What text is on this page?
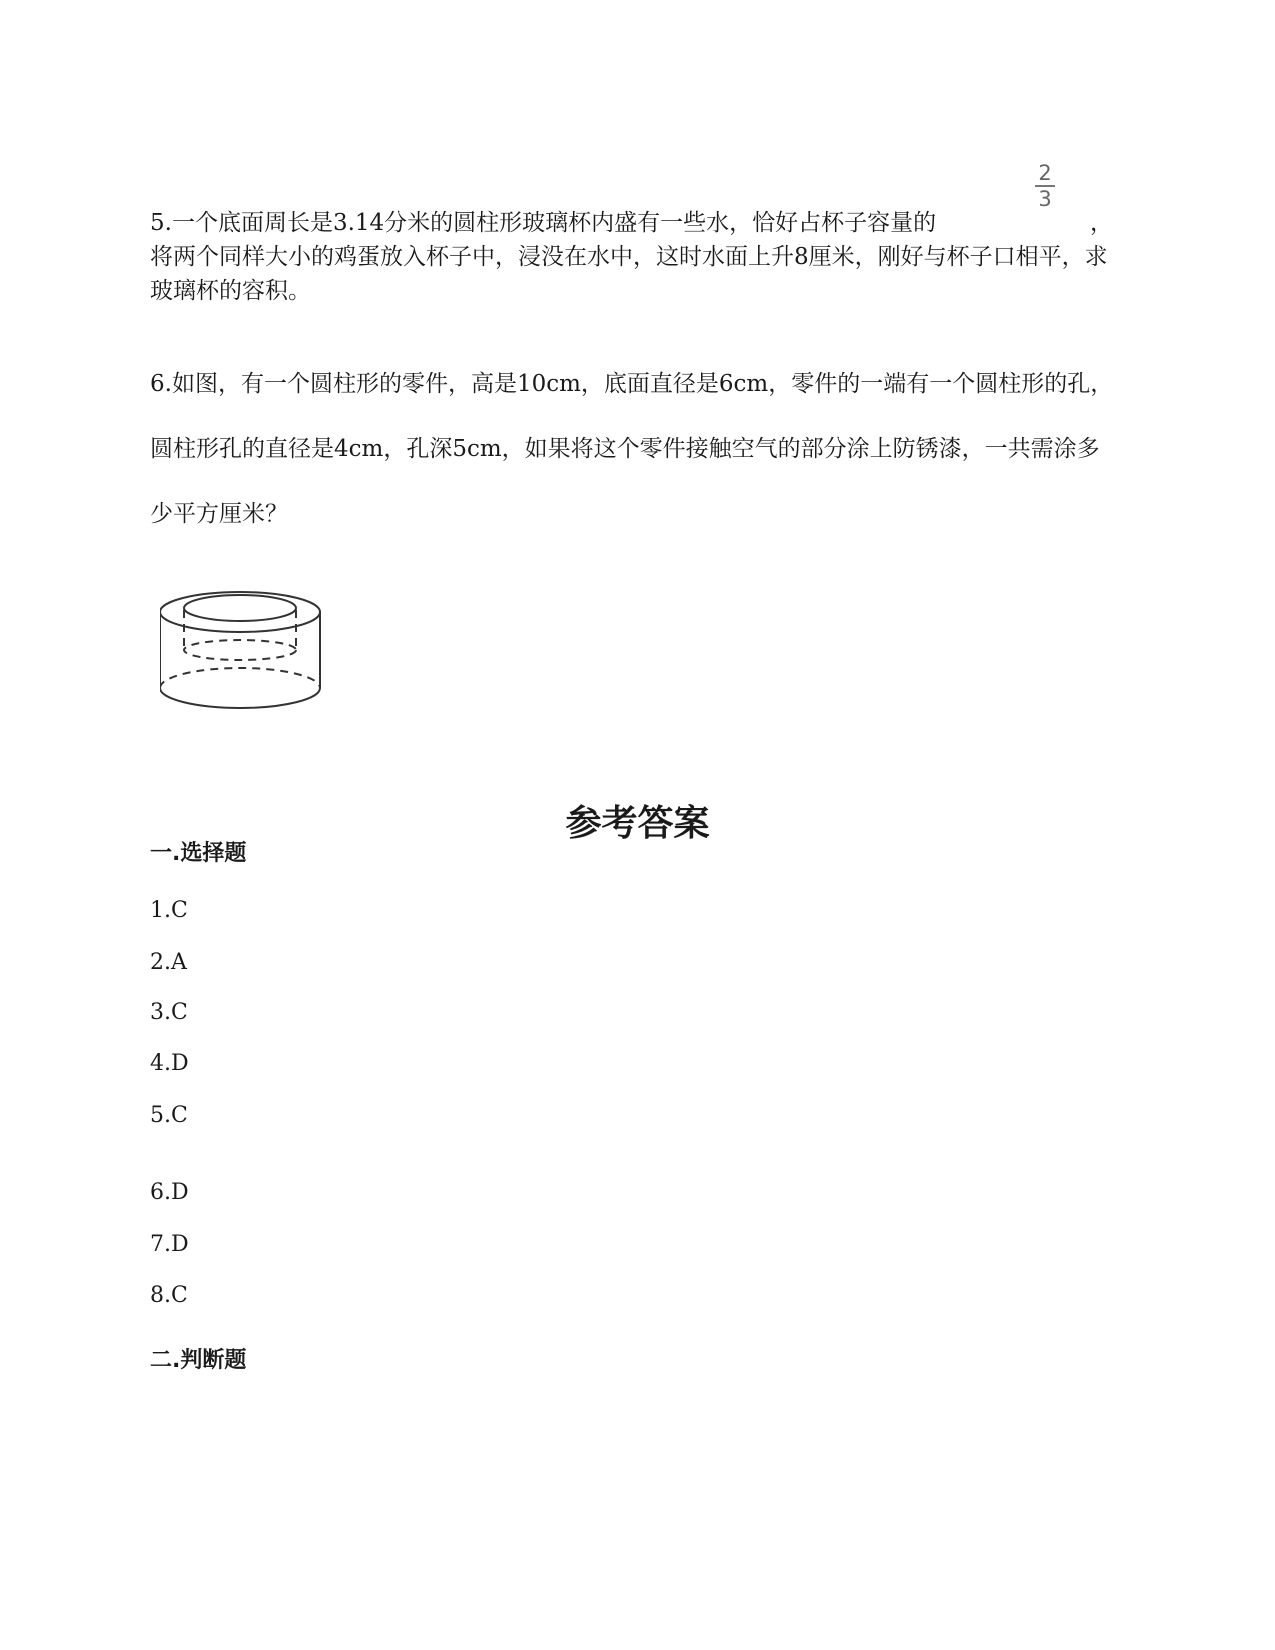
5.一个底面周长是3.14分米的圆柱形玻璃杯内盛有一些水，恰好占杯子容量的
将两个同样大小的鸡蛋放入杯子中，浸没在水中，这时水面上升8厘米，刚好与杯子口相平，求玻璃杯的容积。

2
3
，

6.如图，有一个圆柱形的零件，高是10cm，底面直径是6cm，零件的一端有一个圆柱形的孔，圆柱形孔的直径是4cm，孔深5cm，如果将这个零件接触空气的部分涂上防锈漆，一共需涂多少平方厘米？

参考答案

一.选择题

1.C

2.A

3.C

4.D

5.C

6.D

7.D

8.C

二.判断题
